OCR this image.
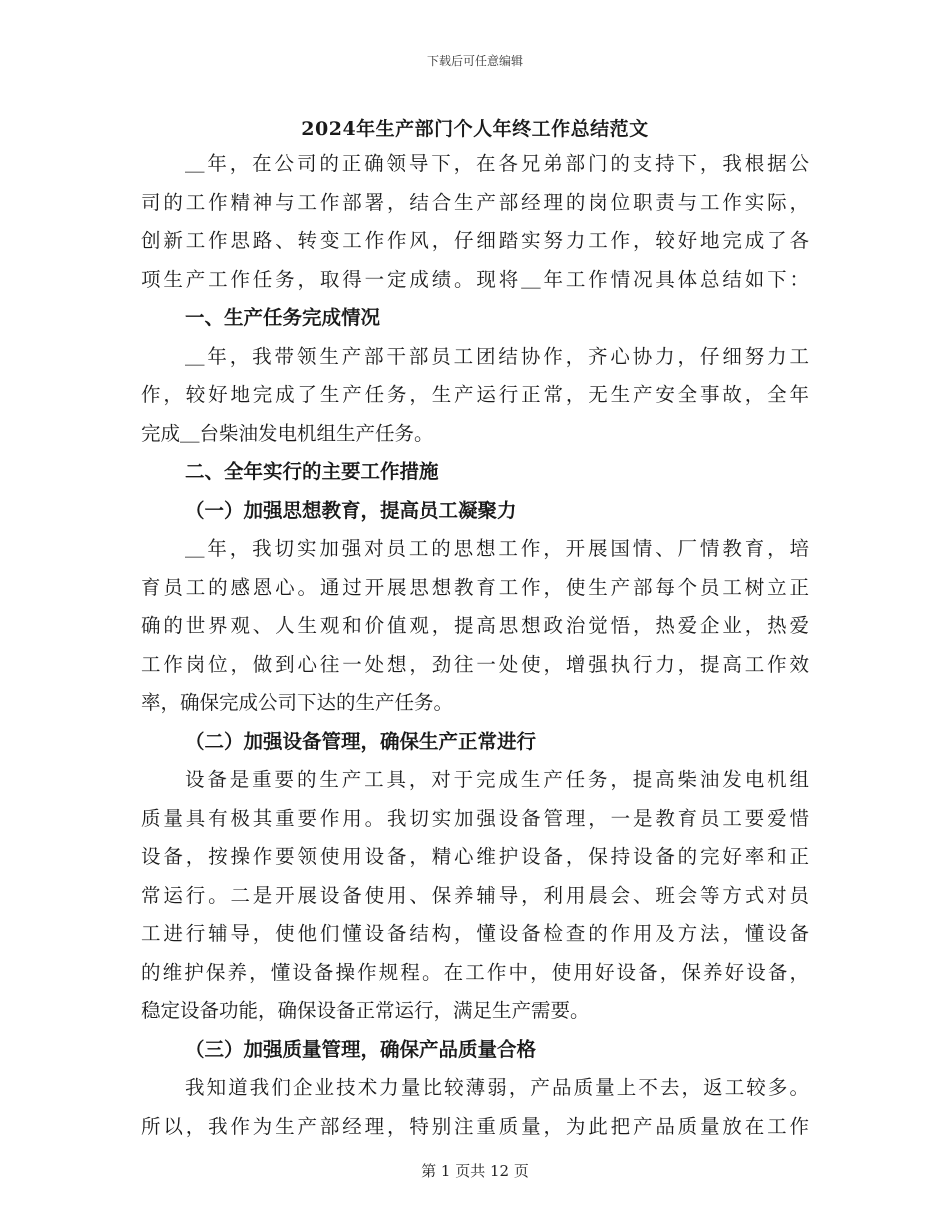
下载后可任意编辑
2024年生产部门个人年终工作总结范文
＿年，在公司的正确领导下，在各兄弟部门的支持下，我根据公
司的工作精神与工作部署，结合生产部经理的岗位职责与工作实际，
创新工作思路、转变工作作风，仔细踏实努力工作，较好地完成了各
项生产工作任务，取得一定成绩。现将＿年工作情况具体总结如下：
一、生产任务完成情况
＿年，我带领生产部干部员工团结协作，齐心协力，仔细努力工
作，较好地完成了生产任务，生产运行正常，无生产安全事故，全年
完成＿台柴油发电机组生产任务。
二、全年实行的主要工作措施
（一）加强思想教育，提高员工凝聚力
＿年，我切实加强对员工的思想工作，开展国情、厂情教育，培
育员工的感恩心。通过开展思想教育工作，使生产部每个员工树立正
确的世界观、人生观和价值观，提高思想政治觉悟，热爱企业，热爱
工作岗位，做到心往一处想，劲往一处使，增强执行力，提高工作效
率，确保完成公司下达的生产任务。
（二）加强设备管理，确保生产正常进行
设备是重要的生产工具，对于完成生产任务，提高柴油发电机组
质量具有极其重要作用。我切实加强设备管理，一是教育员工要爱惜
设备，按操作要领使用设备，精心维护设备，保持设备的完好率和正
常运行。二是开展设备使用、保养辅导，利用晨会、班会等方式对员
工进行辅导，使他们懂设备结构，懂设备检查的作用及方法，懂设备
的维护保养，懂设备操作规程。在工作中，使用好设备，保养好设备，
稳定设备功能，确保设备正常运行，满足生产需要。
（三）加强质量管理，确保产品质量合格
我知道我们企业技术力量比较薄弱，产品质量上不去，返工较多。
所以，我作为生产部经理，特别注重质量，为此把产品质量放在工作
第 1 页共 12 页
